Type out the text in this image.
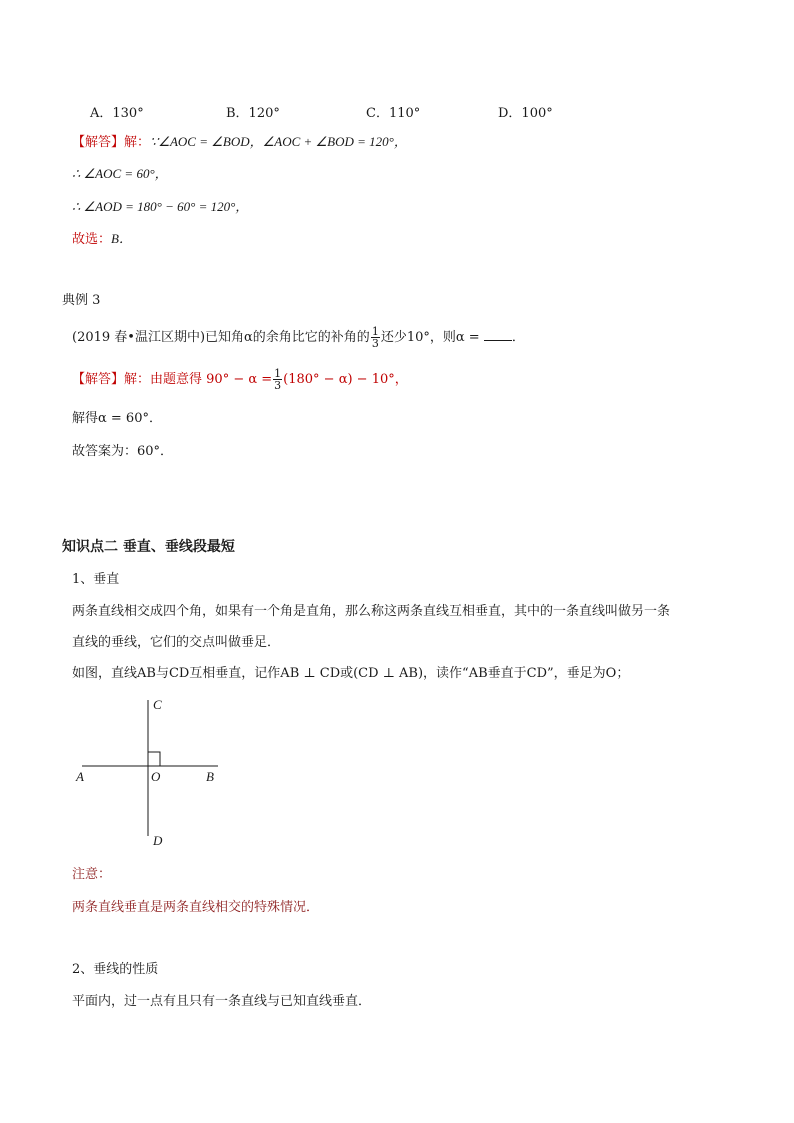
A．130°	B．120°	C．110°	D．100°
【解答】解：∵∠AOC = ∠BOD，∠AOC + ∠BOD = 120°，
∴ ∠AOC = 60°，
∴ ∠AOD = 180° − 60° = 120°，
故选：B．
典例 3
(2019 春•温江区期中)已知角α的余角比它的补角的 $\frac{1}{3}$ 还少10°，则α = ．
【解答】解：由题意得 $90^\circ - \alpha = \frac{1}{3} (180^\circ - \alpha) - 10^\circ$，
解得α = 60°．
故答案为：60°．
知识点二 垂直、垂线段最短
1、垂直
两条直线相交成四个角，如果有一个角是直角，那么称这两条直线互相垂直，其中的一条直线叫做另一条
直线的垂线，它们的交点叫做垂足．
如图，直线AB与CD互相垂直，记作AB ⊥ CD或(CD ⊥ AB)，读作“AB垂直于CD”，垂足为O；
C
A	O	B
D
注意：
两条直线垂直是两条直线相交的特殊情况．
2、垂线的性质
平面内，过一点有且只有一条直线与已知直线垂直．
